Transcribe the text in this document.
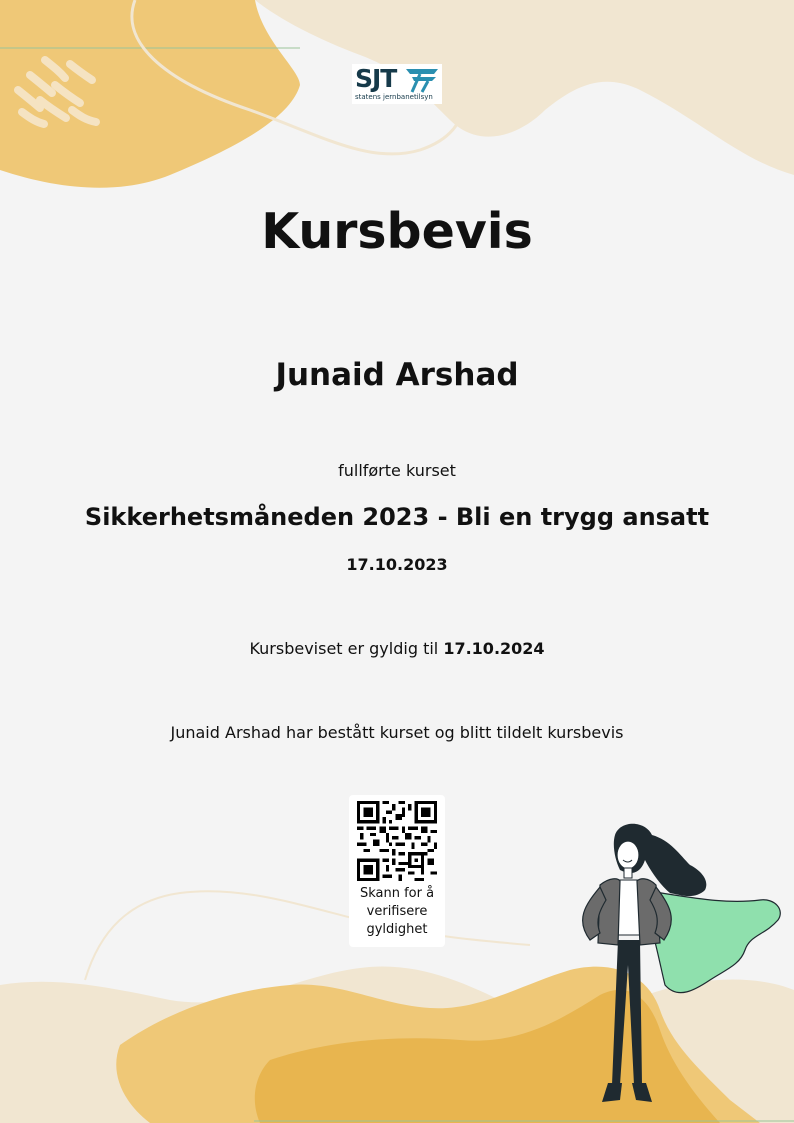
SJT
statens jernbanetilsyn
Kursbevis
Junaid Arshad
fullførte kurset
Sikkerhetsmåneden 2023 - Bli en trygg ansatt
17.10.2023
Kursbeviset er gyldig til 17.10.2024
Junaid Arshad har bestått kurset og blitt tildelt kursbevis
Skann for å
verifisere
gyldighet
